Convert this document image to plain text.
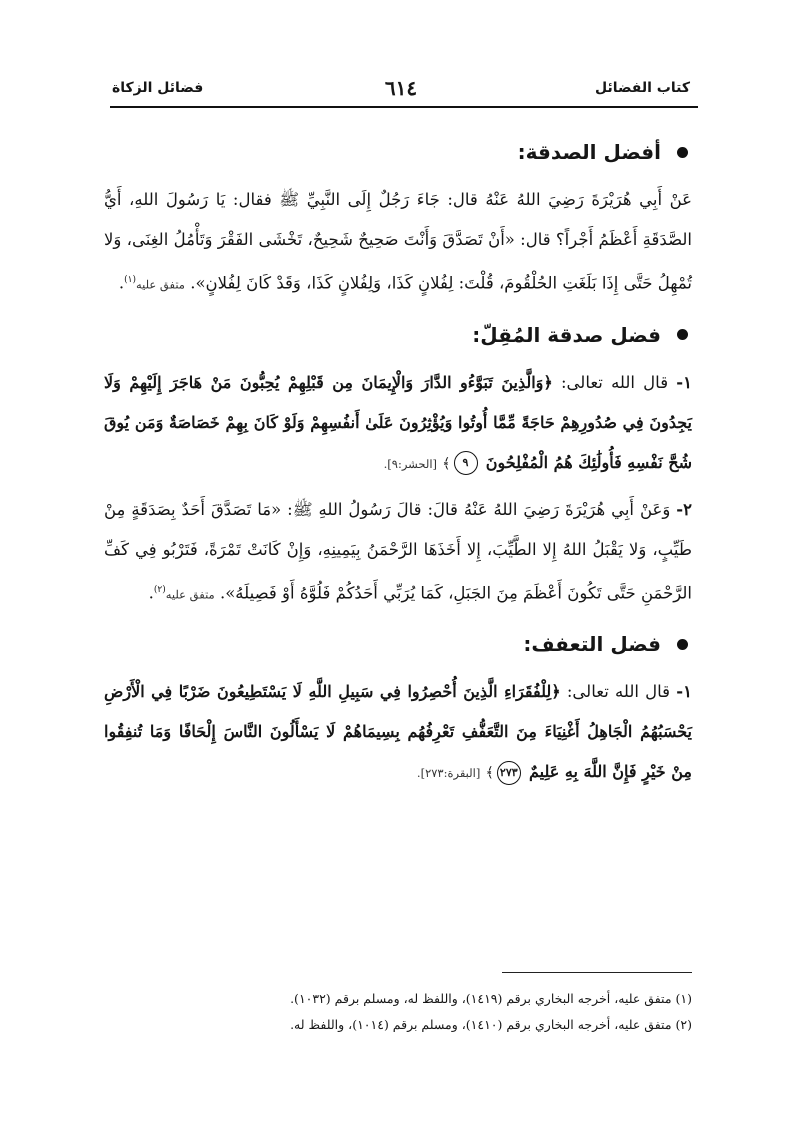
كتاب الفضائل
٦١٤
فضائل الزكاة
أفضل الصدقة:

عَنْ أَبِي هُرَيْرَةَ رَضِيَ اللهُ عَنْهُ قال: جَاءَ رَجُلٌ إِلَى النَّبِيِّ ﷺ فقال: يَا رَسُولَ اللهِ، أَيُّ الصَّدَقَةِ أَعْظَمُ أَجْراً؟ قال: «أَنْ تَصَدَّقَ وَأَنْتَ صَحِيحٌ شَحِيحٌ، تَخْشَى الفَقْرَ وَتَأْمُلُ الغِنَى، وَلا تُمْهِلُ حَتَّى إِذَا بَلَغَتِ الحُلْقُومَ، قُلْتَ: لِفُلانٍ كَذَا، وَلِفُلانٍ كَذَا، وَقَدْ كَانَ لِفُلانٍ». متفق عليه$^{(١)}$.

فضل صدقة المُقِلّ:

١- قال الله تعالى: ﴿وَالَّذِينَ تَبَوَّءُو الدَّارَ وَالْإِيمَانَ مِن قَبْلِهِمْ يُحِبُّونَ مَنْ هَاجَرَ إِلَيْهِمْ وَلَا يَجِدُونَ فِي صُدُورِهِمْ حَاجَةً مِّمَّا أُوتُوا وَيُؤْثِرُونَ عَلَىٰ أَنفُسِهِمْ وَلَوْ كَانَ بِهِمْ خَصَاصَةٌ وَمَن يُوقَ شُحَّ نَفْسِهِ فَأُولَٰئِكَ هُمُ الْمُفْلِحُونَ ٩﴾ [الحشر:٩].

٢- وَعَنْ أَبِي هُرَيْرَةَ رَضِيَ اللهُ عَنْهُ قالَ: قالَ رَسُولُ اللهِ ﷺ: «مَا تَصَدَّقَ أَحَدٌ بِصَدَقَةٍ مِنْ طَيِّبٍ، وَلا يَقْبَلُ اللهُ إِلا الطَّيِّبَ، إِلا أَخَذَهَا الرَّحْمَنُ بِيَمِينِهِ، وَإِنْ كَانَتْ تَمْرَةً، فَتَرْبُو فِي كَفِّ الرَّحْمَنِ حَتَّى تَكُونَ أَعْظَمَ مِنَ الجَبَلِ، كَمَا يُرَبِّي أَحَدُكُمْ فَلُوَّهُ أَوْ فَصِيلَهُ». متفق عليه$^{(٢)}$.

فضل التعفف:

١- قال الله تعالى: ﴿لِلْفُقَرَاءِ الَّذِينَ أُحْصِرُوا فِي سَبِيلِ اللَّهِ لَا يَسْتَطِيعُونَ ضَرْبًا فِي الْأَرْضِ يَحْسَبُهُمُ الْجَاهِلُ أَغْنِيَاءَ مِنَ التَّعَفُّفِ تَعْرِفُهُم بِسِيمَاهُمْ لَا يَسْأَلُونَ النَّاسَ إِلْحَافًا وَمَا تُنفِقُوا مِنْ خَيْرٍ فَإِنَّ اللَّهَ بِهِ عَلِيمٌ ٢٧٣﴾ [البقرة:٢٧٣].

(١) متفق عليه، أخرجه البخاري برقم (١٤١٩)، واللفظ له، ومسلم برقم (١٠٣٢).
(٢) متفق عليه، أخرجه البخاري برقم (١٤١٠)، ومسلم برقم (١٠١٤)، واللفظ له.
